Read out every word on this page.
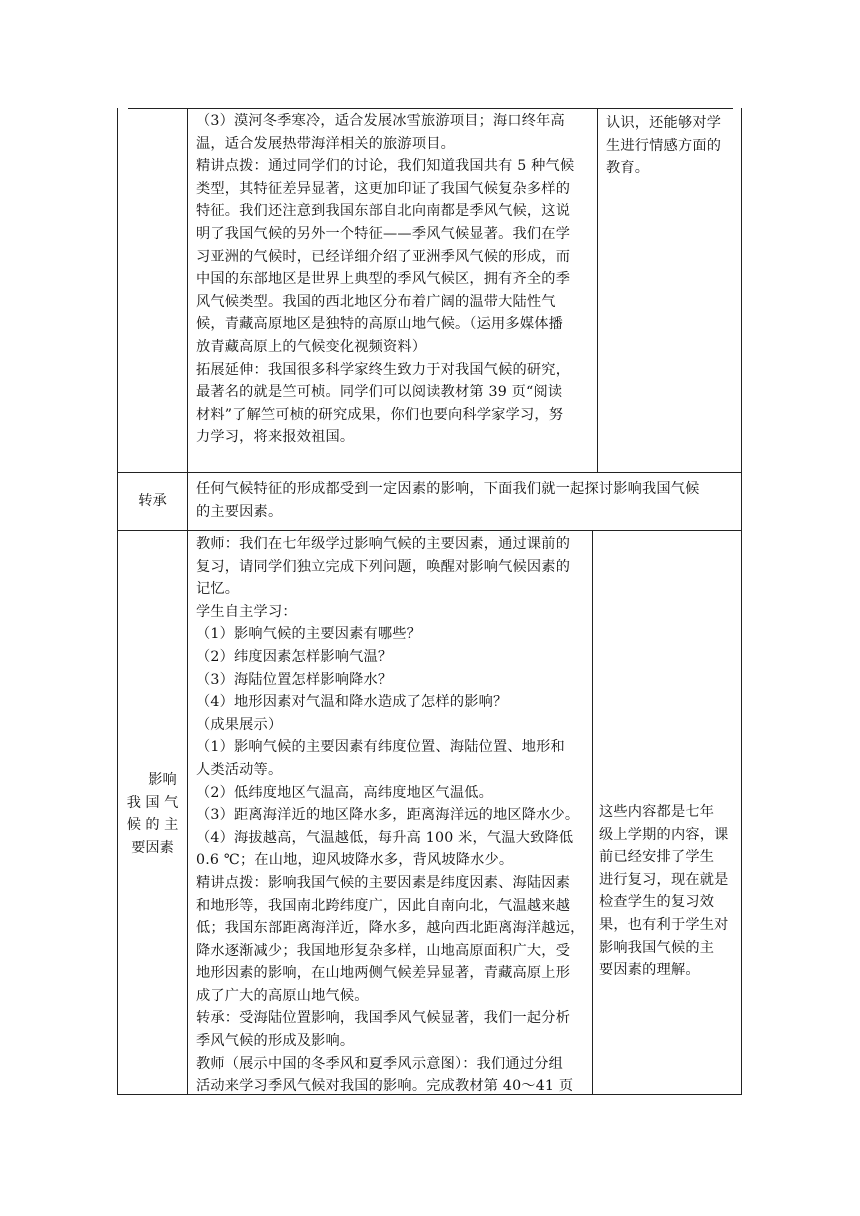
（3）漠河冬季寒冷，适合发展冰雪旅游项目；海口终年高

温，适合发展热带海洋相关的旅游项目。

精讲点拨：通过同学们的讨论，我们知道我国共有 5 种气候

类型，其特征差异显著，这更加印证了我国气候复杂多样的

特征。我们还注意到我国东部自北向南都是季风气候，这说

明了我国气候的另外一个特征——季风气候显著。我们在学

习亚洲的气候时，已经详细介绍了亚洲季风气候的形成，而

中国的东部地区是世界上典型的季风气候区，拥有齐全的季

风气候类型。我国的西北地区分布着广阔的温带大陆性气

候，青藏高原地区是独特的高原山地气候。（运用多媒体播

放青藏高原上的气候变化视频资料）

拓展延伸：我国很多科学家终生致力于对我国气候的研究，

最著名的就是竺可桢。同学们可以阅读教材第 39 页“阅读

材料”了解竺可桢的研究成果，你们也要向科学家学习，努

力学习，将来报效祖国。

认识，还能够对学

生进行情感方面的

教育。

转承

任何气候特征的形成都受到一定因素的影响，下面我们就一起探讨影响我国气候

的主要因素。

影响
我 国 气
候 的 主
要因素

教师：我们在七年级学过影响气候的主要因素，通过课前的

复习，请同学们独立完成下列问题，唤醒对影响气候因素的

记忆。

学生自主学习：

（1）影响气候的主要因素有哪些？

（2）纬度因素怎样影响气温？

（3）海陆位置怎样影响降水？

（4）地形因素对气温和降水造成了怎样的影响？

（成果展示）

（1）影响气候的主要因素有纬度位置、海陆位置、地形和

人类活动等。

（2）低纬度地区气温高，高纬度地区气温低。

（3）距离海洋近的地区降水多，距离海洋远的地区降水少。

（4）海拔越高，气温越低，每升高 100 米，气温大致降低

0.6 ℃；在山地，迎风坡降水多，背风坡降水少。

精讲点拨：影响我国气候的主要因素是纬度因素、海陆因素

和地形等，我国南北跨纬度广，因此自南向北，气温越来越

低；我国东部距离海洋近，降水多，越向西北距离海洋越远，

降水逐渐减少；我国地形复杂多样，山地高原面积广大，受

地形因素的影响，在山地两侧气候差异显著，青藏高原上形

成了广大的高原山地气候。

转承：受海陆位置影响，我国季风气候显著，我们一起分析

季风气候的形成及影响。

教师（展示中国的冬季风和夏季风示意图）：我们通过分组

活动来学习季风气候对我国的影响。完成教材第 40～41 页

这些内容都是七年

级上学期的内容，课

前已经安排了学生

进行复习，现在就是

检查学生的复习效

果，也有利于学生对

影响我国气候的主

要因素的理解。
